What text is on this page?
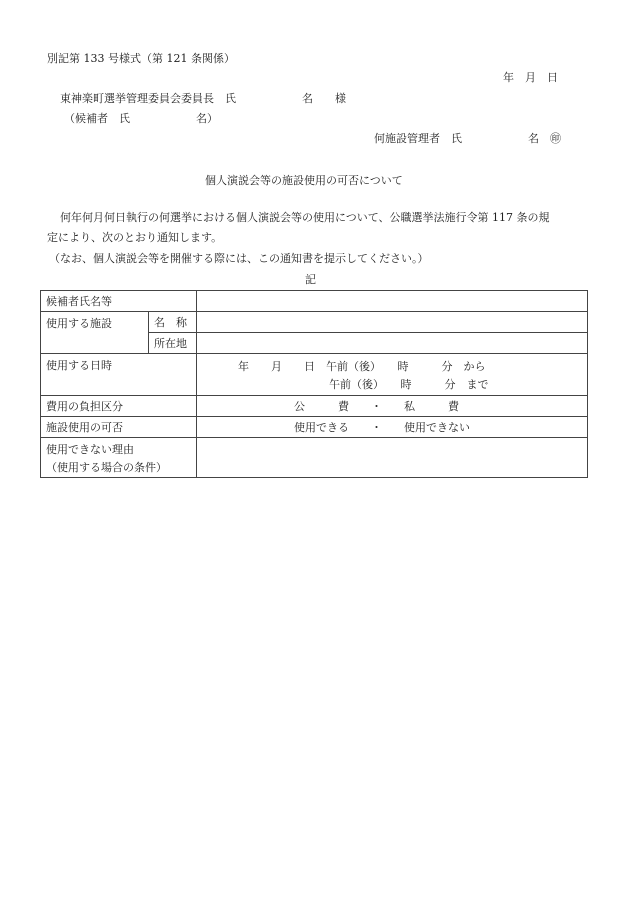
別記第 133 号様式（第 121 条関係）
年　月　日
東神楽町選挙管理委員会委員長　氏　　　　　　名　　様
（候補者　氏　　　　　　名）
何施設管理者　氏　　　　　　名　㊞
個人演説会等の施設使用の可否について
何年何月何日執行の何選挙における個人演説会等の使用について、公職選挙法施行令第 117 条の規
定により、次のとおり通知します。
（なお、個人演説会等を開催する際には、この通知書を提示してください。）
記
候補者氏名等		
使用する施設	名　称	
	所在地	
使用する日時		年　　月　　日　午前（後）　　時　　　分　から
午前（後）　　時　　　分　まで

費用の負担区分		公　　　費　　・　　私　　　費
施設使用の可否		使用できる　　・　　使用できない

使用できない理由
（使用する場合の条件）		
